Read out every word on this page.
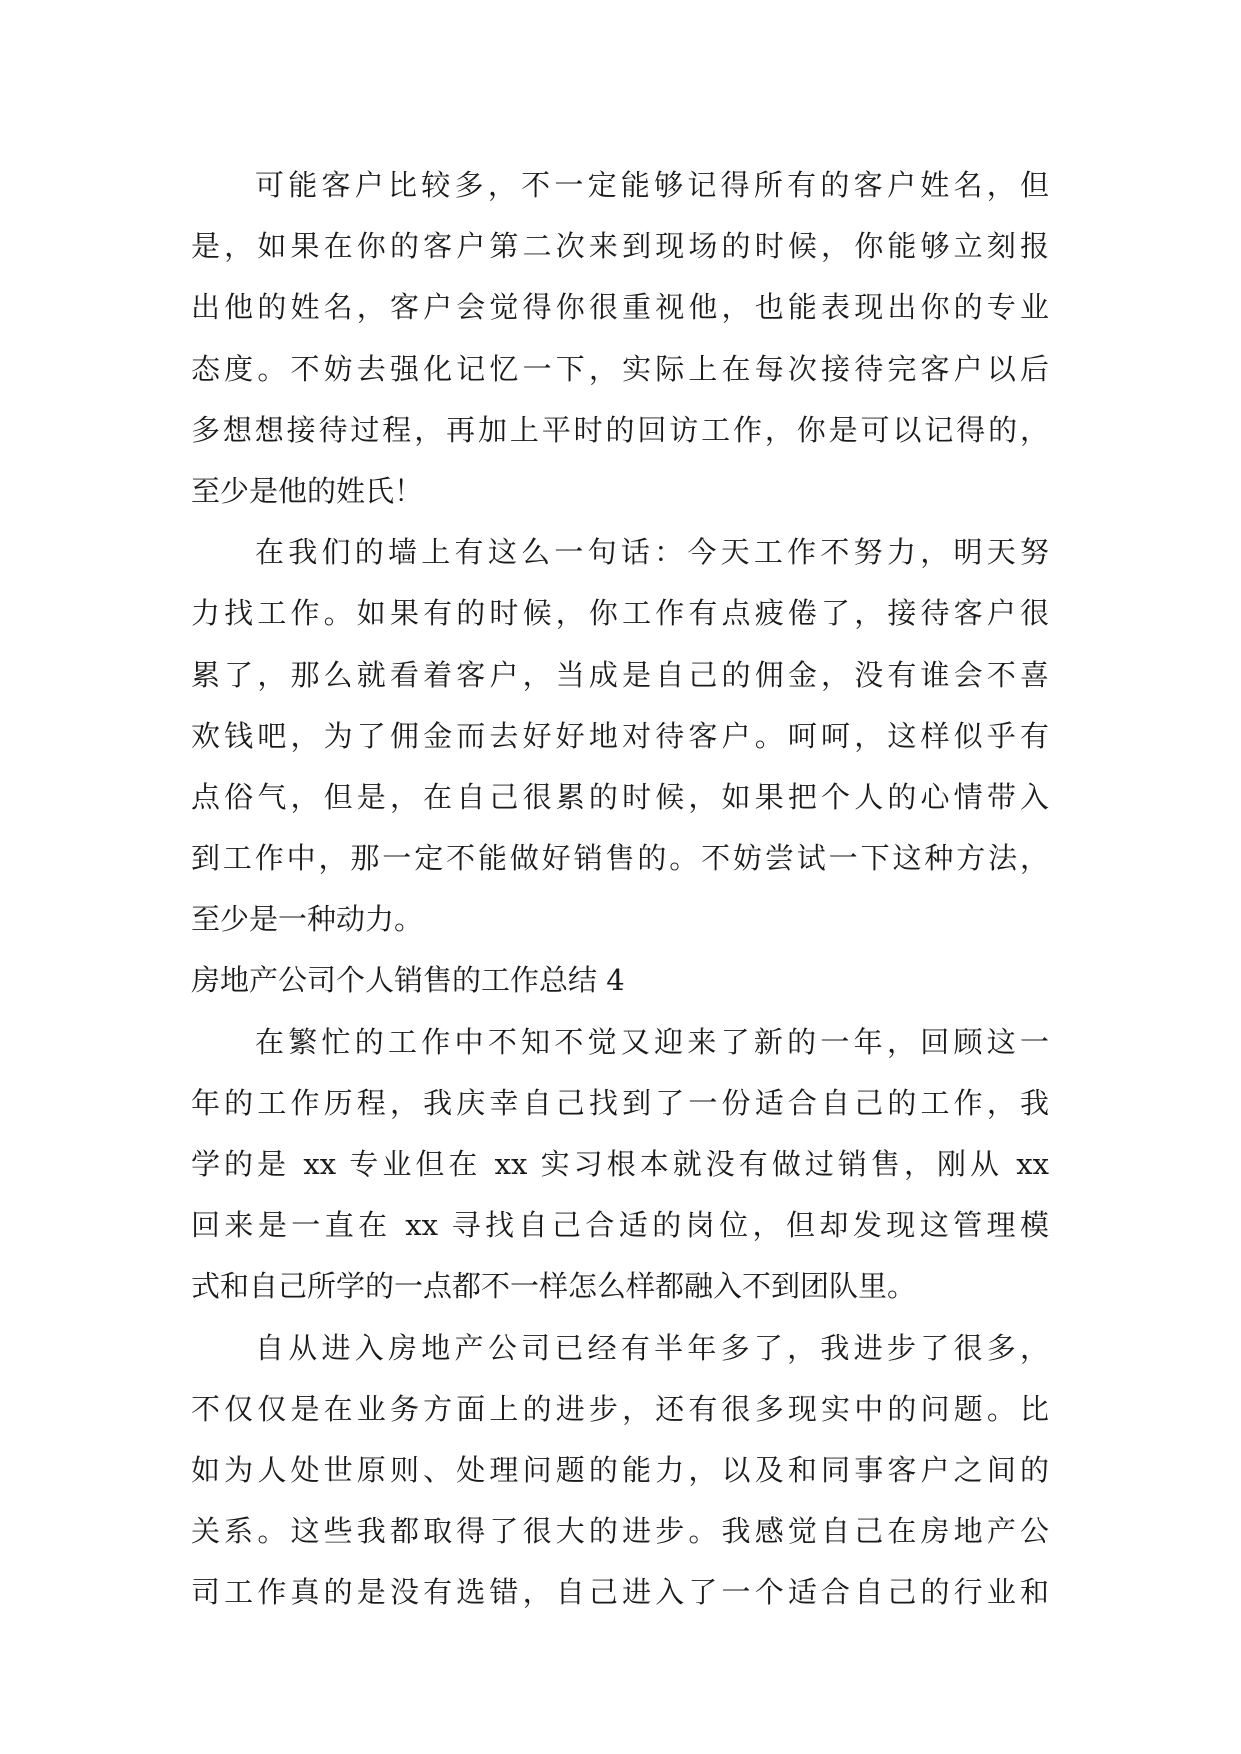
可能客户比较多，不一定能够记得所有的客户姓名，但
是，如果在你的客户第二次来到现场的时候，你能够立刻报
出他的姓名，客户会觉得你很重视他，也能表现出你的专业
态度。不妨去强化记忆一下，实际上在每次接待完客户以后
多想想接待过程，再加上平时的回访工作，你是可以记得的，
至少是他的姓氏！
在我们的墙上有这么一句话：今天工作不努力，明天努
力找工作。如果有的时候，你工作有点疲倦了，接待客户很
累了，那么就看着客户，当成是自己的佣金，没有谁会不喜
欢钱吧，为了佣金而去好好地对待客户。呵呵，这样似乎有
点俗气，但是，在自己很累的时候，如果把个人的心情带入
到工作中，那一定不能做好销售的。不妨尝试一下这种方法，
至少是一种动力。
房地产公司个人销售的工作总结 4
在繁忙的工作中不知不觉又迎来了新的一年，回顾这一
年的工作历程，我庆幸自己找到了一份适合自己的工作，我
学的是 xx 专业但在 xx 实习根本就没有做过销售，刚从 xx
回来是一直在 xx 寻找自己合适的岗位，但却发现这管理模
式和自己所学的一点都不一样怎么样都融入不到团队里。
自从进入房地产公司已经有半年多了，我进步了很多，
不仅仅是在业务方面上的进步，还有很多现实中的问题。比
如为人处世原则、处理问题的能力，以及和同事客户之间的
关系。这些我都取得了很大的进步。我感觉自己在房地产公
司工作真的是没有选错，自己进入了一个适合自己的行业和
